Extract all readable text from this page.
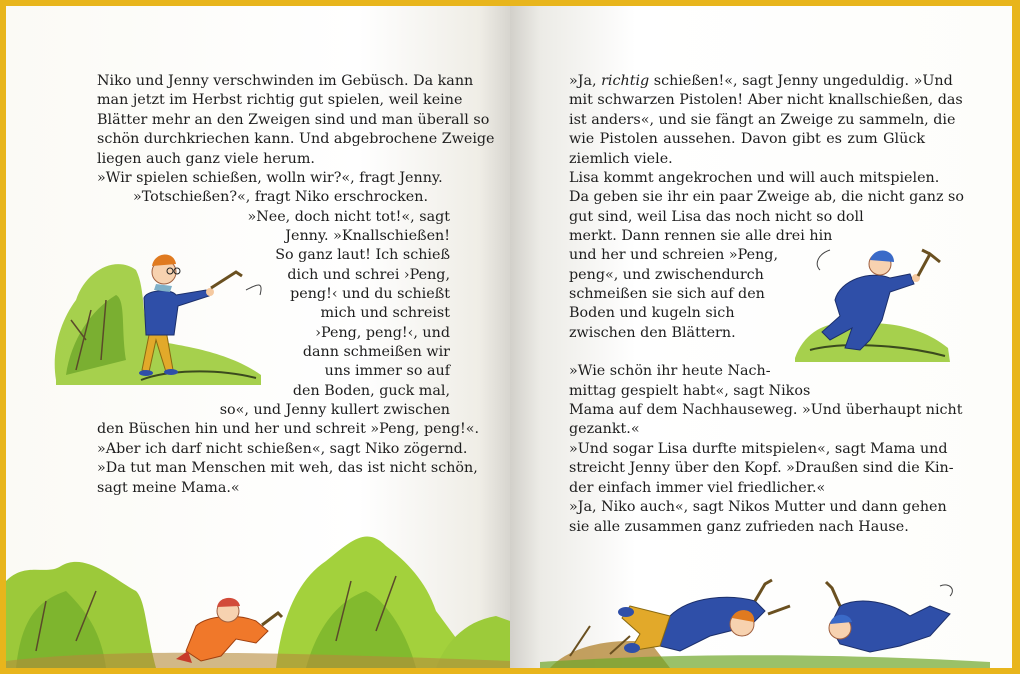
Niko und Jenny verschwinden im Gebüsch. Da kann
man jetzt im Herbst richtig gut spielen, weil keine
Blätter mehr an den Zweigen sind und man überall so
schön durchkriechen kann. Und abgebrochene Zweige
liegen auch ganz viele herum.
»Wir spielen schießen, wolln wir?«, fragt Jenny.
»Totschießen?«, fragt Niko erschrocken.
»Nee, doch nicht tot!«, sagt
Jenny. »Knallschießen!
So ganz laut! Ich schieß
dich und schrei ›Peng,
peng!‹ und du schießt
mich und schreist
›Peng, peng!‹, und
dann schmeißen wir
uns immer so auf
den Boden, guck mal,
so«, und Jenny kullert zwischen
den Büschen hin und her und schreit »Peng, peng!«.
»Aber ich darf nicht schießen«, sagt Niko zögernd.
»Da tut man Menschen mit weh, das ist nicht schön,
sagt meine Mama.«
»Ja, richtig schießen!«, sagt Jenny ungeduldig. »Und
mit schwarzen Pistolen! Aber nicht knallschießen, das
ist anders«, und sie fängt an Zweige zu sammeln, die
wie Pistolen aussehen. Davon gibt es zum Glück
ziemlich viele.
Lisa kommt angekrochen und will auch mitspielen.
Da geben sie ihr ein paar Zweige ab, die nicht ganz so
gut sind, weil Lisa das noch nicht so doll
merkt. Dann rennen sie alle drei hin
und her und schreien »Peng,
peng«, und zwischendurch
schmeißen sie sich auf den
Boden und kugeln sich
zwischen den Blättern.
»Wie schön ihr heute Nach-
mittag gespielt habt«, sagt Nikos
Mama auf dem Nachhauseweg. »Und überhaupt nicht
gezankt.«
»Und sogar Lisa durfte mitspielen«, sagt Mama und
streicht Jenny über den Kopf. »Draußen sind die Kin-
der einfach immer viel friedlicher.«
»Ja, Niko auch«, sagt Nikos Mutter und dann gehen
sie alle zusammen ganz zufrieden nach Hause.
